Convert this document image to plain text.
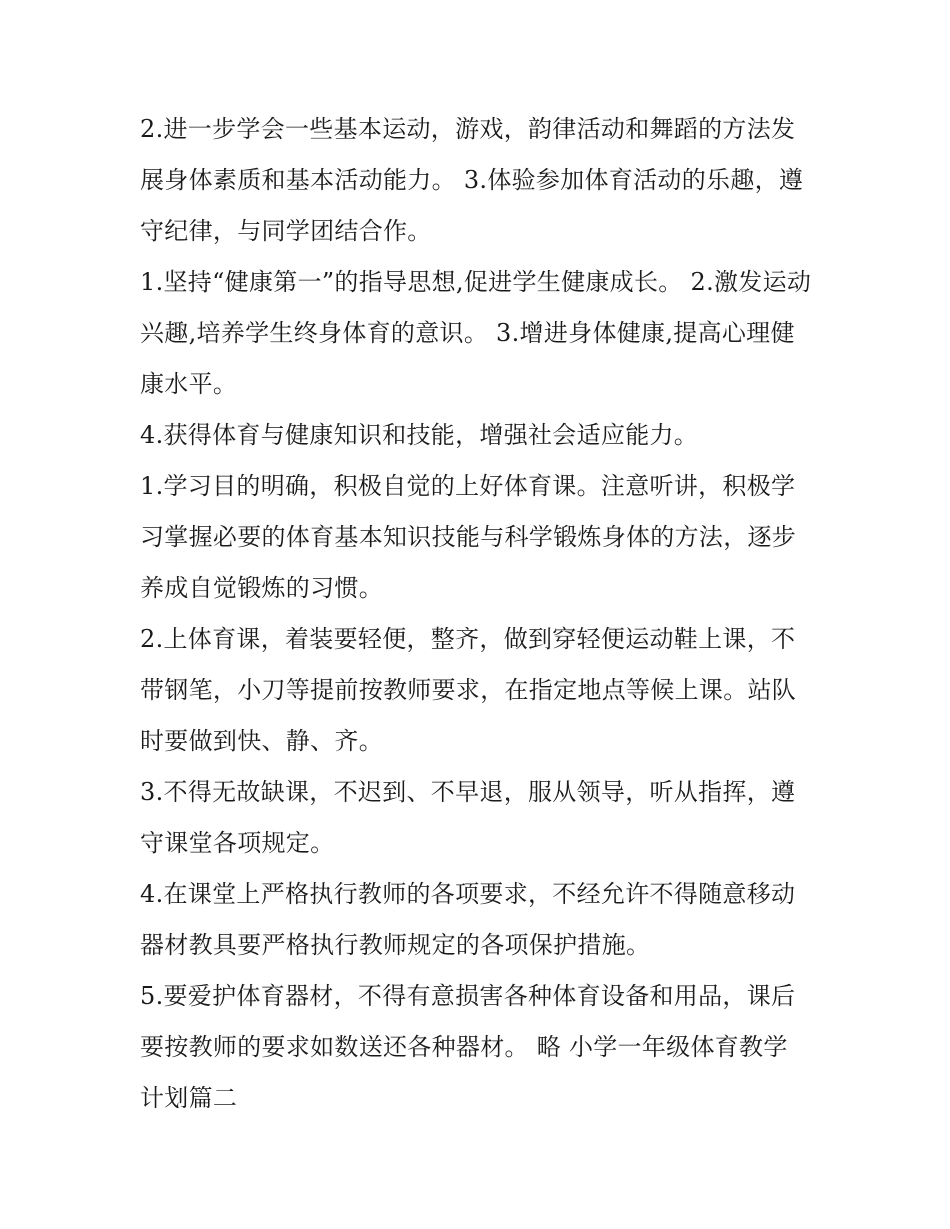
2.进一步学会一些基本运动，游戏，韵律活动和舞蹈的方法发
展身体素质和基本活动能力。 3.体验参加体育活动的乐趣，遵
守纪律，与同学团结合作。

1.坚持“健康第一”的指导思想,促进学生健康成长。 2.激发运动
兴趣,培养学生终身体育的意识。 3.增进身体健康,提高心理健
康水平。

4.获得体育与健康知识和技能，增强社会适应能力。

1.学习目的明确，积极自觉的上好体育课。注意听讲，积极学
习掌握必要的体育基本知识技能与科学锻炼身体的方法，逐步
养成自觉锻炼的习惯。

2.上体育课，着装要轻便，整齐，做到穿轻便运动鞋上课，不
带钢笔，小刀等提前按教师要求，在指定地点等候上课。站队
时要做到快、静、齐。

3.不得无故缺课，不迟到、不早退，服从领导，听从指挥，遵
守课堂各项规定。

4.在课堂上严格执行教师的各项要求，不经允许不得随意移动
器材教具要严格执行教师规定的各项保护措施。

5.要爱护体育器材，不得有意损害各种体育设备和用品，课后
要按教师的要求如数送还各种器材。 略 小学一年级体育教学
计划篇二
